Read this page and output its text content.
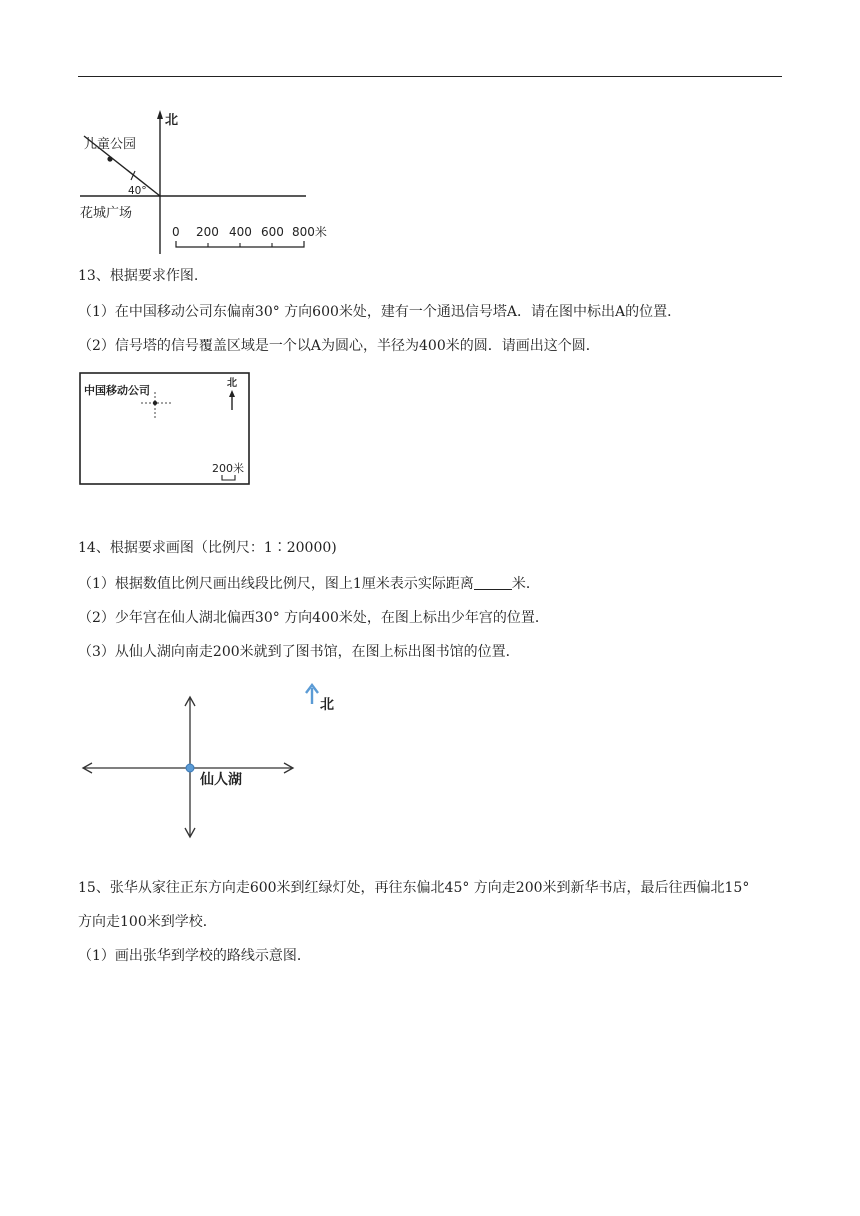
北
儿童公园
40°
花城广场
0 200 400 600 800米
13、根据要求作图.
（1）在中国移动公司东偏南30° 方向600米处，建有一个通迅信号塔A．请在图中标出A的位置．
（2）信号塔的信号覆盖区域是一个以A为圆心，半径为400米的圆．请画出这个圆．
中国移动公司
北
200米
14、根据要求画图（比例尺：1∶20000)
（1）根据数值比例尺画出线段比例尺，图上1厘米表示实际距离	米．
（2）少年宫在仙人湖北偏西30° 方向400米处，在图上标出少年宫的位置．
（3）从仙人湖向南走200米就到了图书馆，在图上标出图书馆的位置．
仙人湖
北
15、张华从家往正东方向走600米到红绿灯处，再往东偏北45° 方向走200米到新华书店，最后往西偏北15°
方向走100米到学校．
（1）画出张华到学校的路线示意图．
